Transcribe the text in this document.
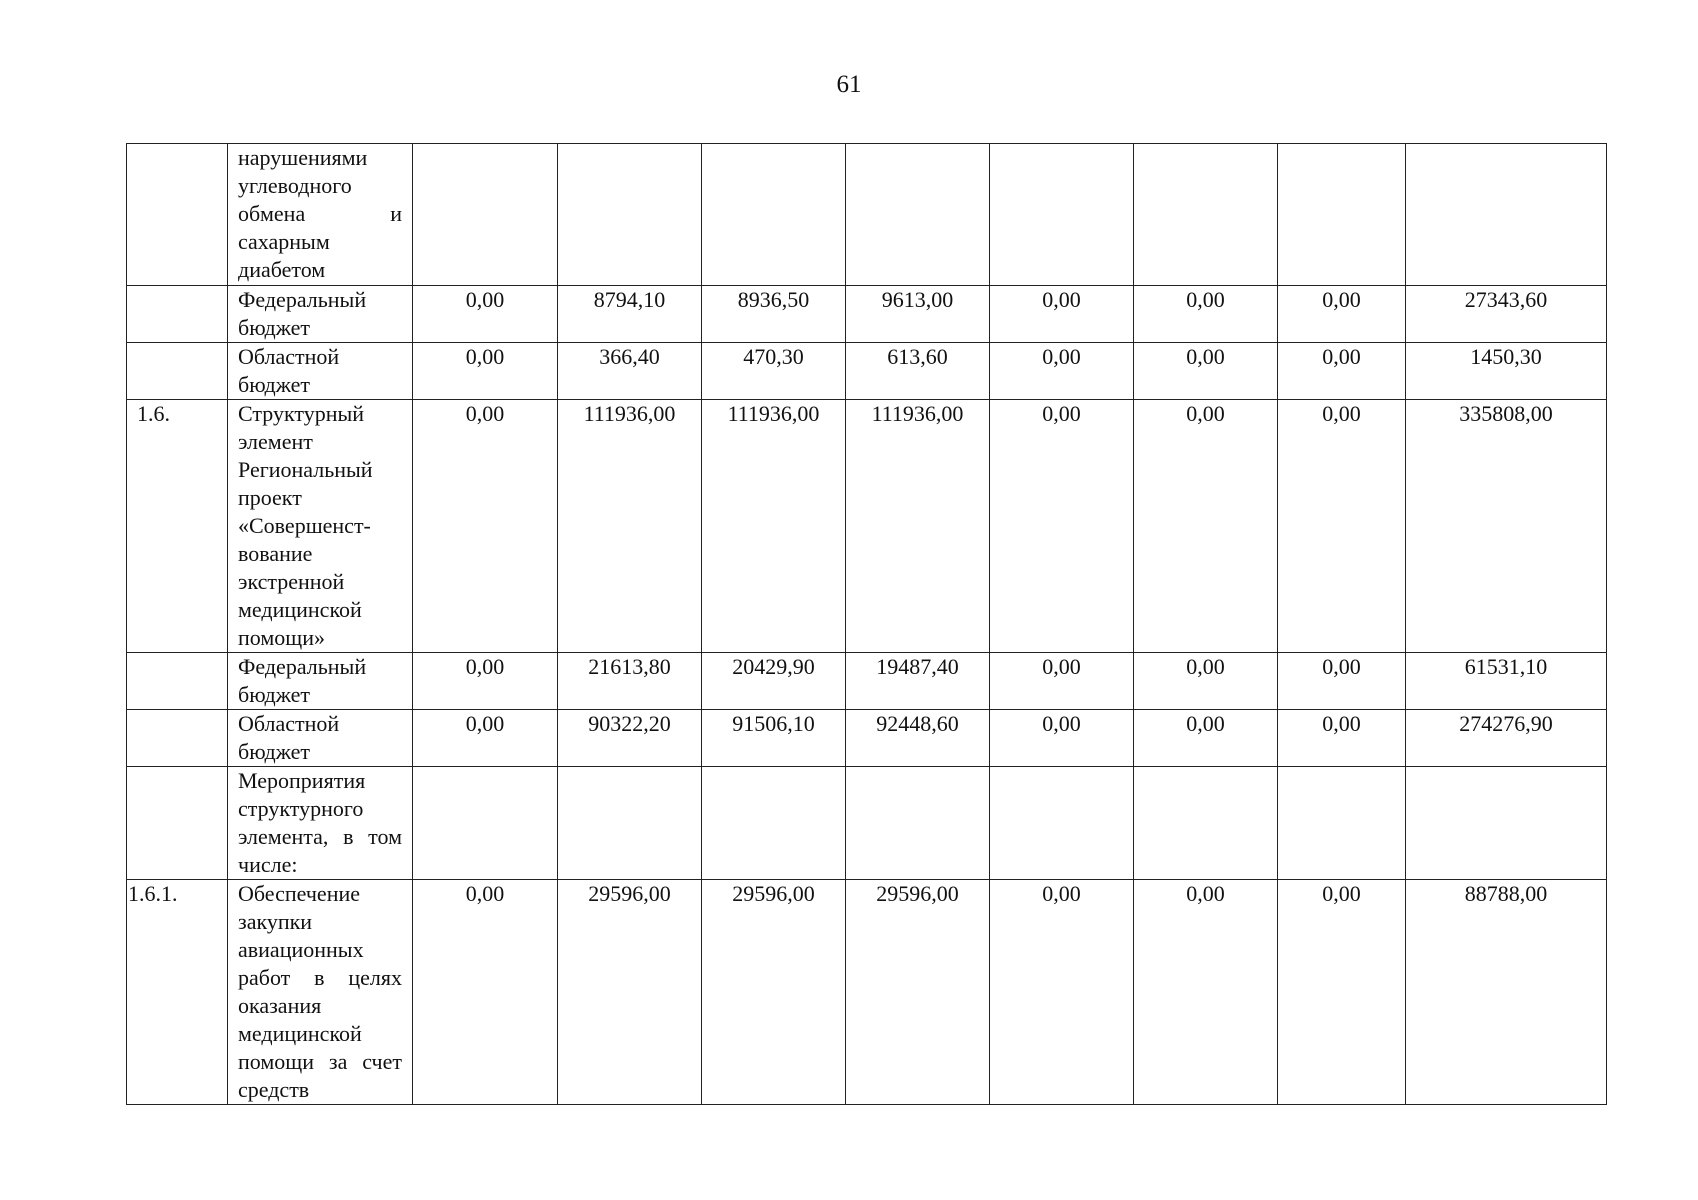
61
	нарушениями углеводного обмена и сахарным диабетом								
	Федеральный бюджет	0,00	8794,10	8936,50	9613,00	0,00	0,00	0,00	27343,60
	Областной бюджет	0,00	366,40	470,30	613,60	0,00	0,00	0,00	1450,30
1.6.	Структурный элемент Региональный проект «Совершенст-вование экстренной медицинской помощи»	0,00	111936,00	111936,00	111936,00	0,00	0,00	0,00	335808,00
	Федеральный бюджет	0,00	21613,80	20429,90	19487,40	0,00	0,00	0,00	61531,10
	Областной бюджет	0,00	90322,20	91506,10	92448,60	0,00	0,00	0,00	274276,90
	Мероприятия структурного элемента, в том числе:								
1.6.1.	Обеспечение закупки авиационных работ в целях оказания медицинской помощи за счет средств	0,00	29596,00	29596,00	29596,00	0,00	0,00	0,00	88788,00
